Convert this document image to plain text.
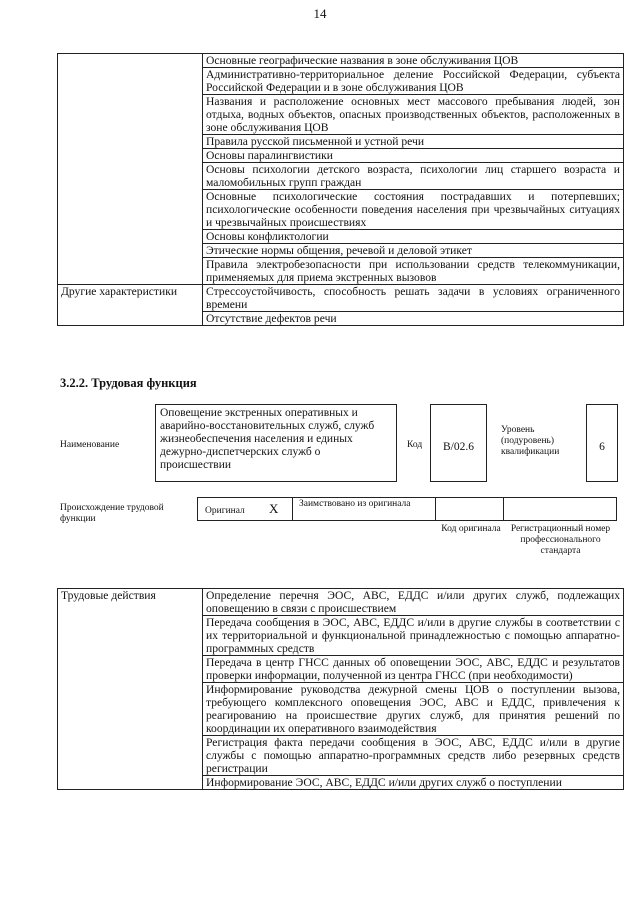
14
	Основные географические названия в зоне обслуживания ЦОВ
	Административно-территориальное деление Российской Федерации, субъекта Российской Федерации и в зоне обслуживания ЦОВ
	Названия и расположение основных мест массового пребывания людей, зон отдыха, водных объектов, опасных производственных объектов, расположенных в зоне обслуживания ЦОВ
	Правила русской письменной и устной речи
	Основы паралингвистики
	Основы психологии детского возраста, психологии лиц старшего возраста и маломобильных групп граждан
	Основные психологические состояния пострадавших и потерпевших; психологические особенности поведения населения при чрезвычайных ситуациях и чрезвычайных происшествиях
	Основы конфликтологии
	Этические нормы общения, речевой и деловой этикет
	Правила электробезопасности при использовании средств телекоммуникации, применяемых для приема экстренных вызовов
Другие характеристики	Стрессоустойчивость, способность решать задачи в условиях ограниченного времени
	Отсутствие дефектов речи
3.2.2. Трудовая функция
Наименование
Оповещение экстренных оперативных и аварийно-восстановительных служб, служб жизнеобеспечения населения и единых дежурно-диспетчерских служб о происшествии
Код	B/02.6
Уровень (подуровень) квалификации	6
Происхождение трудовой функции
Оригинал X Заимствовано из оригинала
Код оригинала Регистрационный номер профессионального стандарта
Трудовые действия	Определение перечня ЭОС, АВС, ЕДДС и/или других служб, подлежащих оповещению в связи с происшествием
Передача сообщения в ЭОС, АВС, ЕДДС и/или в другие службы в соответствии с их территориальной и функциональной принадлежностью с помощью аппаратно-программных средств
Передача в центр ГНСС данных об оповещении ЭОС, АВС, ЕДДС и результатов проверки информации, полученной из центра ГНСС (при необходимости)
Информирование руководства дежурной смены ЦОВ о поступлении вызова, требующего комплексного оповещения ЭОС, АВС и ЕДДС, привлечения к реагированию на происшествие других служб, для принятия решений по координации их оперативного взаимодействия
Регистрация факта передачи сообщения в ЭОС, АВС, ЕДДС и/или в другие службы с помощью аппаратно-программных средств либо резервных средств регистрации
Информирование ЭОС, АВС, ЕДДС и/или других служб о поступлении
